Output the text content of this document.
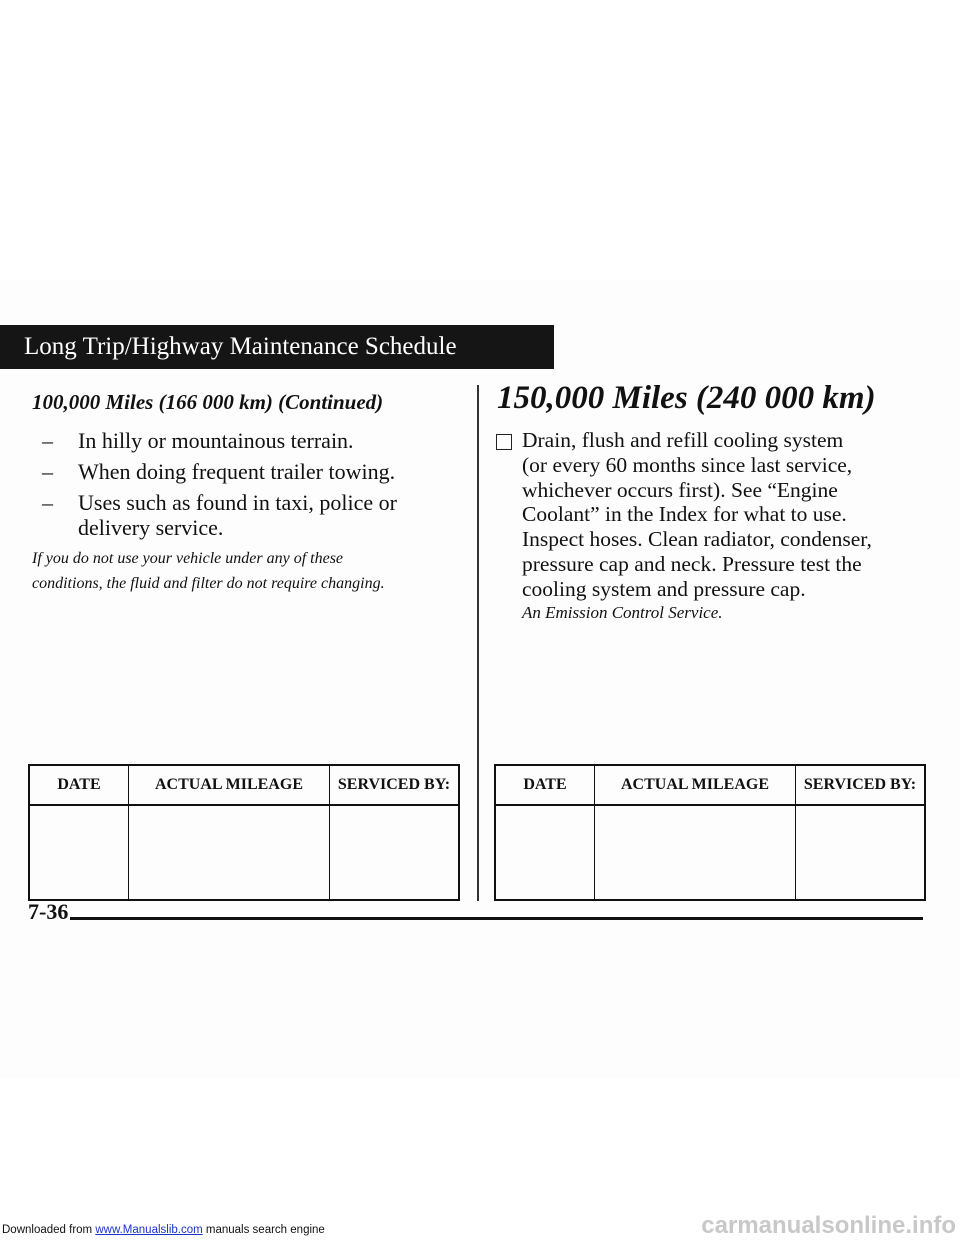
Long Trip/Highway Maintenance Schedule
100,000 Miles (166 000 km) (Continued)
– In hilly or mountainous terrain.
– When doing frequent trailer towing.
– Uses such as found in taxi, police or
delivery service.
If you do not use your vehicle under any of these
conditions, the fluid and filter do not require changing.
150,000 Miles (240 000 km)
Drain, flush and refill cooling system
(or every 60 months since last service,
whichever occurs first). See “Engine
Coolant” in the Index for what to use.
Inspect hoses. Clean radiator, condenser,
pressure cap and neck. Pressure test the
cooling system and pressure cap.
An Emission Control Service.
DATE	ACTUAL MILEAGE	SERVICED BY:
			DATE	ACTUAL MILEAGE	SERVICED BY:

7-36
Downloaded from www.Manualslib.com manuals search engine	carmanualsonline.info
